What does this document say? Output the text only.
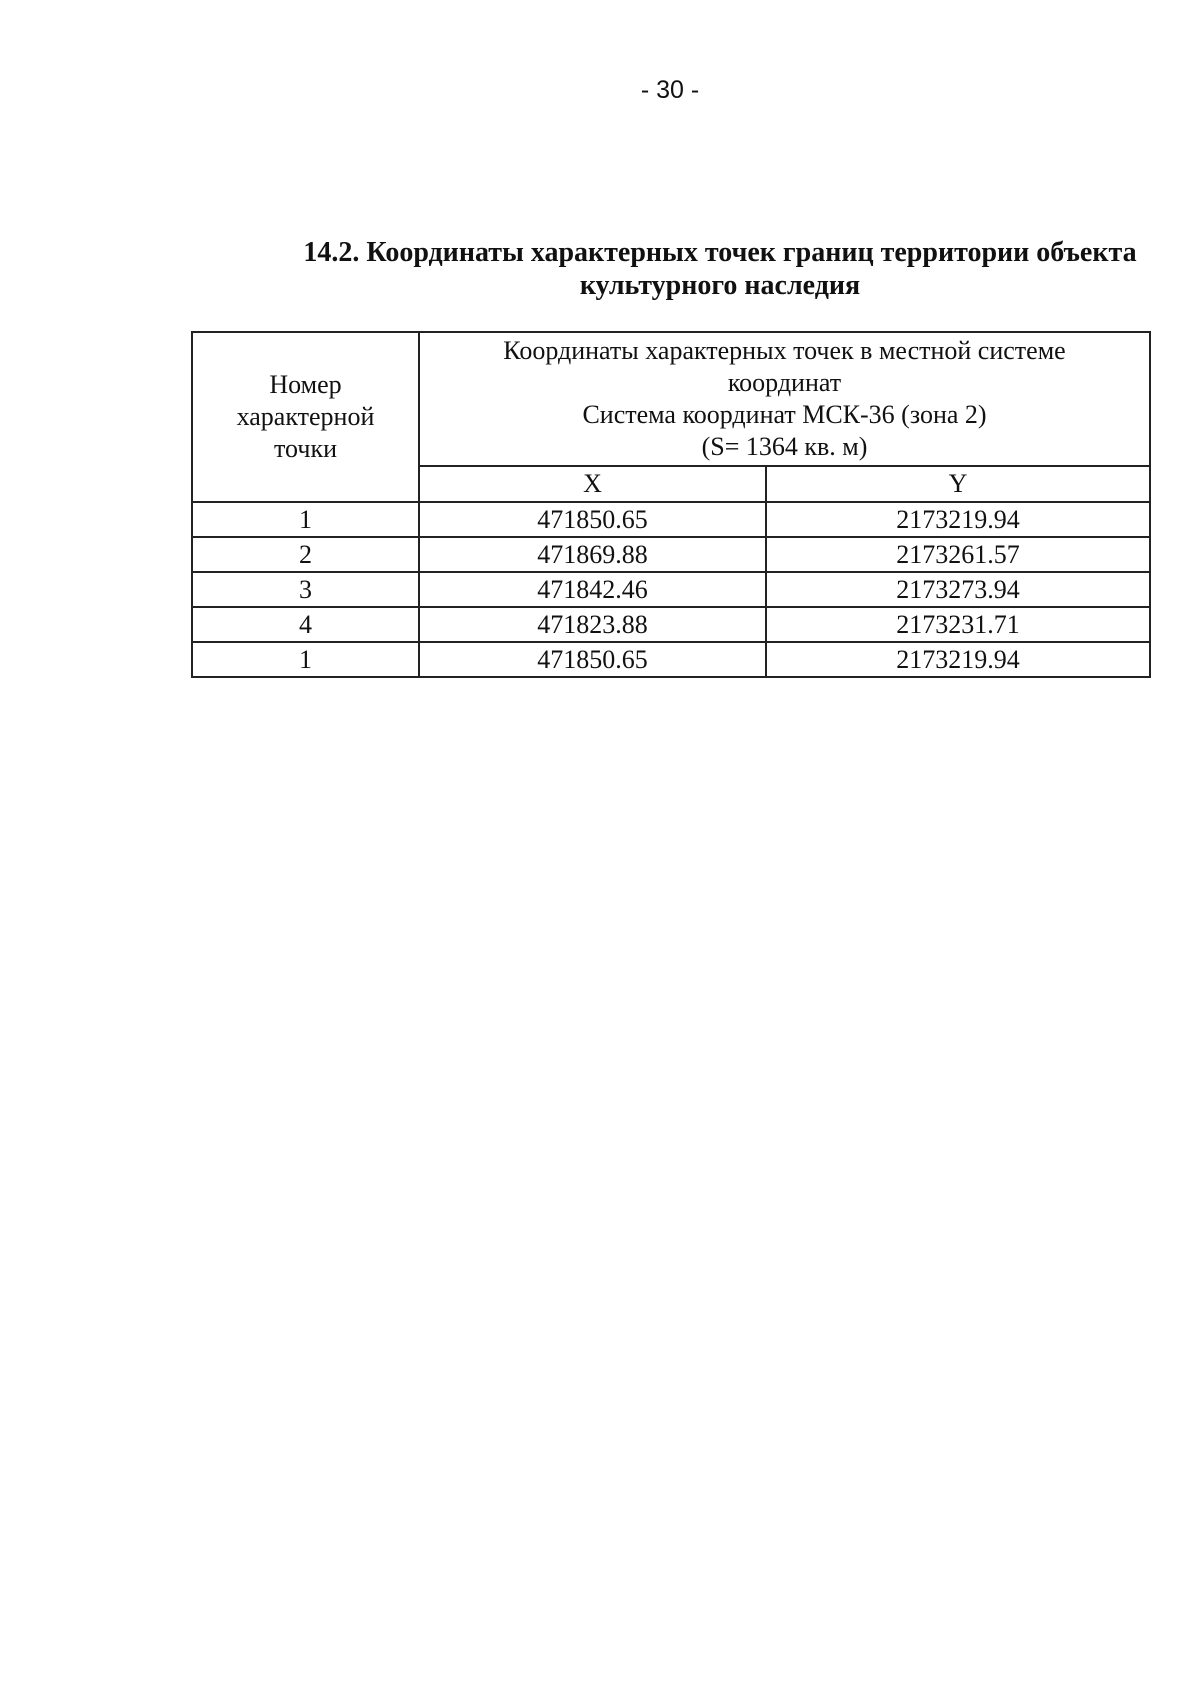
- 30 -
14.2. Координаты характерных точек границ территории объекта
культурного наследия
Номер
характерной
точки	Координаты характерных точек в местной системе
координат
Система координат МСК-36 (зона 2)
(S= 1364 кв. м)	

	X	Y
1	471850.65	2173219.94
2	471869.88	2173261.57
3	471842.46	2173273.94
4	471823.88	2173231.71
1	471850.65	2173219.94
